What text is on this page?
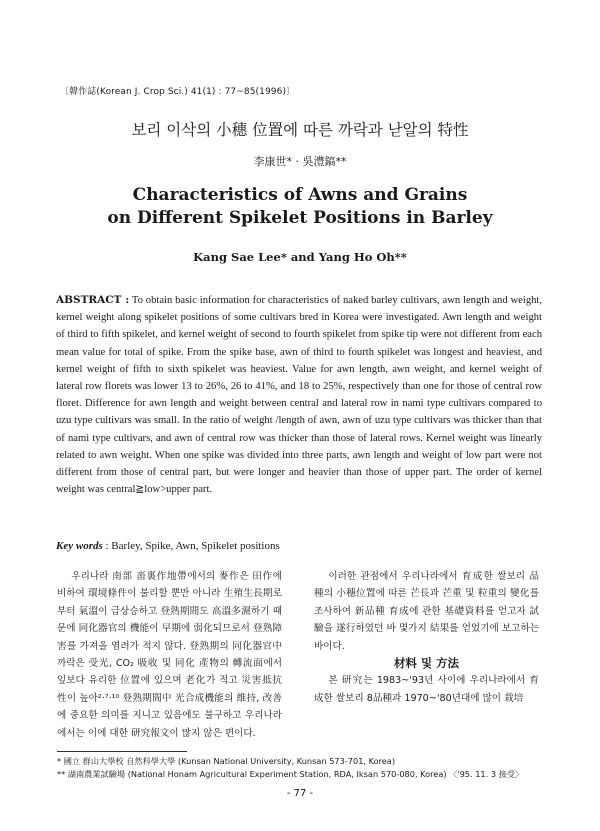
〔韓作誌(Korean J. Crop Sci.) 41(1) : 77~85(1996)〕
보리 이삭의 小穗 位置에 따른 까락과 낟알의 特性
李康世* · 吳澧鎬**
Characteristics of Awns and Grains
on Different Spikelet Positions in Barley
Kang Sae Lee* and Yang Ho Oh**
ABSTRACT : To obtain basic information for characteristics of naked barley cultivars, awn length and weight, kernel weight along spikelet positions of some cultivars bred in Korea were investigated. Awn length and weight of third to fifth spikelet, and kernel weight of second to fourth spikelet from spike tip were not different from each mean value for total of spike. From the spike base, awn of third to fourth spikelet was longest and heaviest, and kernel weight of fifth to sixth spikelet was heaviest. Value for awn length, awn weight, and kernel weight of lateral row florets was lower 13 to 26%, 26 to 41%, and 18 to 25%, respectively than one for those of central row floret. Difference for awn length and weight between central and lateral row in nami type cultivars compared to uzu type cultivars was small. In the ratio of weight /length of awn, awn of uzu type cultivars was thicker than that of nami type cultivars, and awn of central row was thicker than those of lateral rows. Kernel weight was linearly related to awn weight. When one spike was divided into three parts, awn length and weight of low part were not different from those of central part, but were longer and heavier than those of upper part. The order of kernel weight was central≧low>upper part.
Key words : Barley, Spike, Awn, Spikelet positions

우리나라 南部 畓裏作地帶에서의 麥作은 田作에 비하여 環境條件이 불리할 뿐만 아니라 生殖生長期로부터 氣溫이 급상승하고 登熟期間도 高溫多濕하기 때문에 同化器官의 機能이 早期에 弱化되므로서 登熟障害를 가져올 염려가 적지 않다. 登熟期의 同化器官中 까락은 受光, CO₂ 吸收 및 同化 產物의 轉流面에서 잎보다 유리한 位置에 있으며 老化가 적고 災害抵抗性이 높아²·⁷·¹⁰ 登熟期間中 光合成機能의 維持, 改善에 중요한 의미를 지니고 있음에도 불구하고 우리나라에서는 이에 대한 研究報文이 많지 않은 편이다.

이러한 관점에서 우리나라에서 育成한 쌀보리 品種의 小穗位置에 따른 芒長과 芒重 및 粒重의 變化를 조사하여 新品種 育成에 관한 基礎資料를 얻고자 試驗을 遂行하였던 바 몇가지 結果를 얻었기에 보고하는 바이다.

材料 및 方法

본 研究는 1983~'93년 사이에 우리나라에서 育成한 쌀보리 8品種과 1970~'80년대에 많이 栽培

* 國立 群山大學校 自然科學大學 (Kunsan National University, Kunsan 573-701, Korea)
** 湖南農業試驗場 (National Honam Agricultural Experiment Station, RDA, Iksan 570-080, Korea) 〈'95. 11. 3 接受〉
- 77 -
